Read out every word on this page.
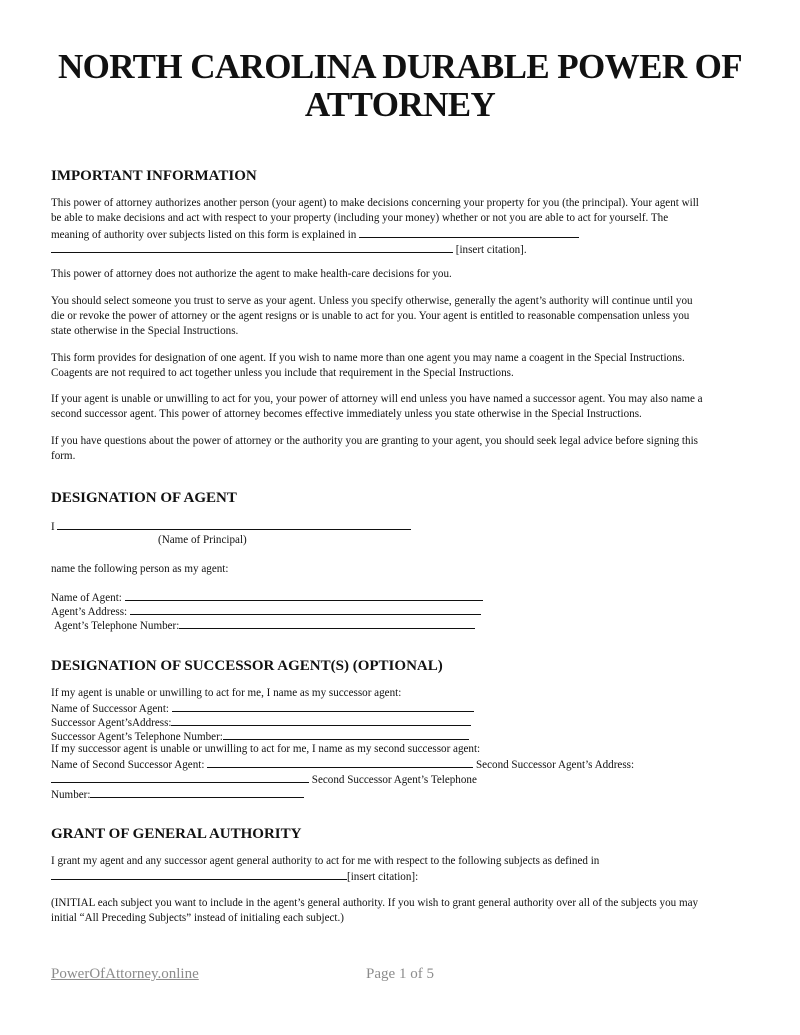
NORTH CAROLINA DURABLE POWER OF
ATTORNEY
IMPORTANT INFORMATION
This power of attorney authorizes another person (your agent) to make decisions concerning your property for you (the principal). Your agent will
be able to make decisions and act with respect to your property (including your money) whether or not you are able to act for yourself. The
meaning of authority over subjects listed on this form is explained in
[insert citation].
This power of attorney does not authorize the agent to make health-care decisions for you.
You should select someone you trust to serve as your agent. Unless you specify otherwise, generally the agent’s authority will continue until you
die or revoke the power of attorney or the agent resigns or is unable to act for you. Your agent is entitled to reasonable compensation unless you
state otherwise in the Special Instructions.
This form provides for designation of one agent. If you wish to name more than one agent you may name a coagent in the Special Instructions.
Coagents are not required to act together unless you include that requirement in the Special Instructions.
If your agent is unable or unwilling to act for you, your power of attorney will end unless you have named a successor agent. You may also name a
second successor agent. This power of attorney becomes effective immediately unless you state otherwise in the Special Instructions.
If you have questions about the power of attorney or the authority you are granting to your agent, you should seek legal advice before signing this
form.
DESIGNATION OF AGENT
I
(Name of Principal)
name the following person as my agent:
Name of Agent:
Agent’s Address:
Agent’s Telephone Number:
DESIGNATION OF SUCCESSOR AGENT(S) (OPTIONAL)
If my agent is unable or unwilling to act for me, I name as my successor agent:
Name of Successor Agent:
Successor Agent’sAddress:
Successor Agent’s Telephone Number:
If my successor agent is unable or unwilling to act for me, I name as my second successor agent:
Name of Second Successor Agent:	Second Successor Agent’s Address:
Second Successor Agent’s Telephone
Number:
GRANT OF GENERAL AUTHORITY
I grant my agent and any successor agent general authority to act for me with respect to the following subjects as defined in
[insert citation]:
(INITIAL each subject you want to include in the agent’s general authority. If you wish to grant general authority over all of the subjects you may
initial “All Preceding Subjects” instead of initialing each subject.)
Page 1 of 5
PowerOfAttorney.online
